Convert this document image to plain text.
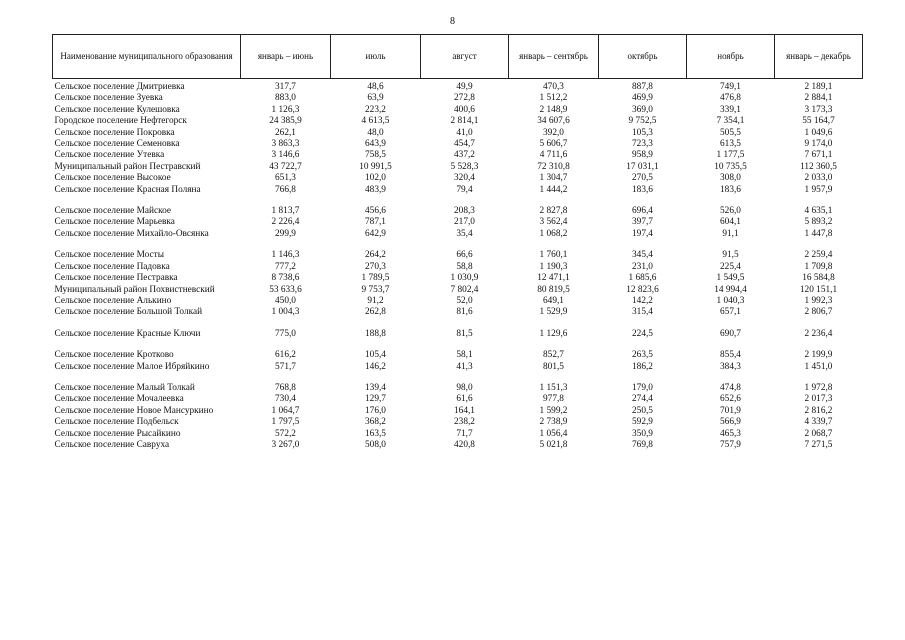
8
Наименование муниципального образования	январь – июнь	июль	август	январь – сентябрь	октябрь	ноябрь	январь – декабрь
Сельское поселение Дмитриевка	317,7	48,6	49,9	470,3	887,8	749,1	2 189,1
Сельское поселение Зуевка	883,0	63,9	272,8	1 512,2	469,9	476,8	2 884,1
Сельское поселение Кулешовка	1 126,3	223,2	400,6	2 148,9	369,0	339,1	3 173,3
Городское поселение Нефтегорск	24 385,9	4 613,5	2 814,1	34 607,6	9 752,5	7 354,1	55 164,7
Сельское поселение Покровка	262,1	48,0	41,0	392,0	105,3	505,5	1 049,6
Сельское поселение Семеновка	3 863,3	643,9	454,7	5 606,7	723,3	613,5	9 174,0
Сельское поселение Утевка	3 146,6	758,5	437,2	4 711,6	958,9	1 177,5	7 671,1
Муниципальный район Пестравский	43 722,7	10 991,5	5 528,3	72 310,8	17 031,1	10 735,5	112 360,5
Сельское поселение Высокое	651,3	102,0	320,4	1 304,7	270,5	308,0	2 033,0
Сельское поселение Красная Поляна	766,8	483,9	79,4	1 444,2	183,6	183,6	1 957,9

Сельское поселение Майское	1 813,7	456,6	208,3	2 827,8	696,4	526,0	4 635,1
Сельское поселение Марьевка	2 226,4	787,1	217,0	3 562,4	397,7	604,1	5 893,2
Сельское поселение Михайло-Овсянка	299,9	642,9	35,4	1 068,2	197,4	91,1	1 447,8

Сельское поселение Мосты	1 146,3	264,2	66,6	1 760,1	345,4	91,5	2 259,4
Сельское поселение Падовка	777,2	270,3	58,8	1 190,3	231,0	225,4	1 709,8
Сельское поселение Пестравка	8 738,6	1 789,5	1 030,9	12 471,1	1 685,6	1 549,5	16 584,8
Муниципальный район Похвистневский	53 633,6	9 753,7	7 802,4	80 819,5	12 823,6	14 994,4	120 151,1
Сельское поселение Алькино	450,0	91,2	52,0	649,1	142,2	1 040,3	1 992,3
Сельское поселение Большой Толкай	1 004,3	262,8	81,6	1 529,9	315,4	657,1	2 806,7

Сельское поселение Красные Ключи	775,0	188,8	81,5	1 129,6	224,5	690,7	2 236,4

Сельское поселение Кротково	616,2	105,4	58,1	852,7	263,5	855,4	2 199,9
Сельское поселение Малое Ибряйкино	571,7	146,2	41,3	801,5	186,2	384,3	1 451,0

Сельское поселение Малый Толкай	768,8	139,4	98,0	1 151,3	179,0	474,8	1 972,8
Сельское поселение Мочалеевка	730,4	129,7	61,6	977,8	274,4	652,6	2 017,3
Сельское поселение Новое Мансуркино	1 064,7	176,0	164,1	1 599,2	250,5	701,9	2 816,2
Сельское поселение Подбельск	1 797,5	368,2	238,2	2 738,9	592,9	566,9	4 339,7
Сельское поселение Рысайкино	572,2	163,5	71,7	1 056,4	350,9	465,3	2 068,7
Сельское поселение Савруха	3 267,0	508,0	420,8	5 021,8	769,8	757,9	7 271,5
